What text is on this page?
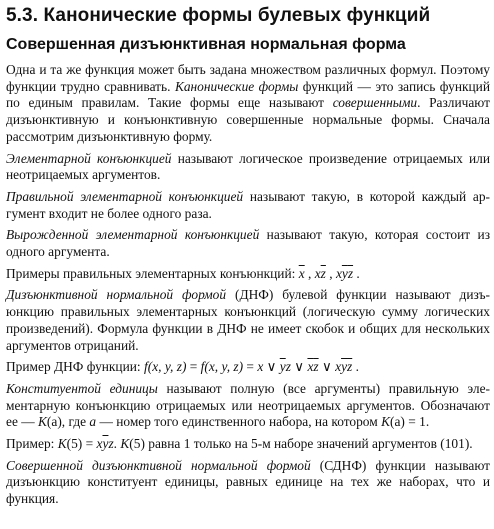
5.3. Канонические формы булевых функций
Совершенная дизъюнктивная нормальная форма

Одна и та же функция может быть задана множеством различных формул. Поэтому функции трудно сравнивать. Канонические формы функций — это запись функций по единым правилам. Такие формы еще называют совершенными. Различают дизъюнктивную и конъюнктивную совершенные нормальные формы. Сначала рассмотрим дизъюнктивную форму.

Элементарной конъюнкцией называют логическое произведение отрицаемых или неотрицаемых аргументов.

Правильной элементарной конъюнкцией называют такую, в которой каждый аргумент входит не более одного раза.

Вырожденной элементарной конъюнкцией называют такую, которая состоит из одного аргумента.

Примеры правильных элементарных конъюнкций: $\overline{x}$ , $x\overline{z}$ , xyz .

Дизъюнктивной нормальной формой (ДНФ) булевой функции называют дизъюнкцию правильных элементарных конъюнкций (логическую сумму логических произведений). Формула функции в ДНФ не имеет скобок и общих для нескольких аргументов отрицаний.

Пример ДНФ функции: f(x, y, z) = f(x, y, z) = x ∨ $\overline{y}z$ ∨ xz ∨ xyz .

Конституентой единицы называют полную (все аргументы) правильную элементарную конъюнкцию отрицаемых или неотрицаемых аргументов. Обозначают ее — K(a), где a — номер того единственного набора, на котором K(a) = 1.

Пример: $K(5) = x\overline{y}z$. K(5) равна 1 только на 5-м наборе значений аргументов (101).

Совершенной дизъюнктивной нормальной формой (СДНФ) функции называют дизъюнкцию конституент единицы, равных единице на тех же наборах, что и функция.
